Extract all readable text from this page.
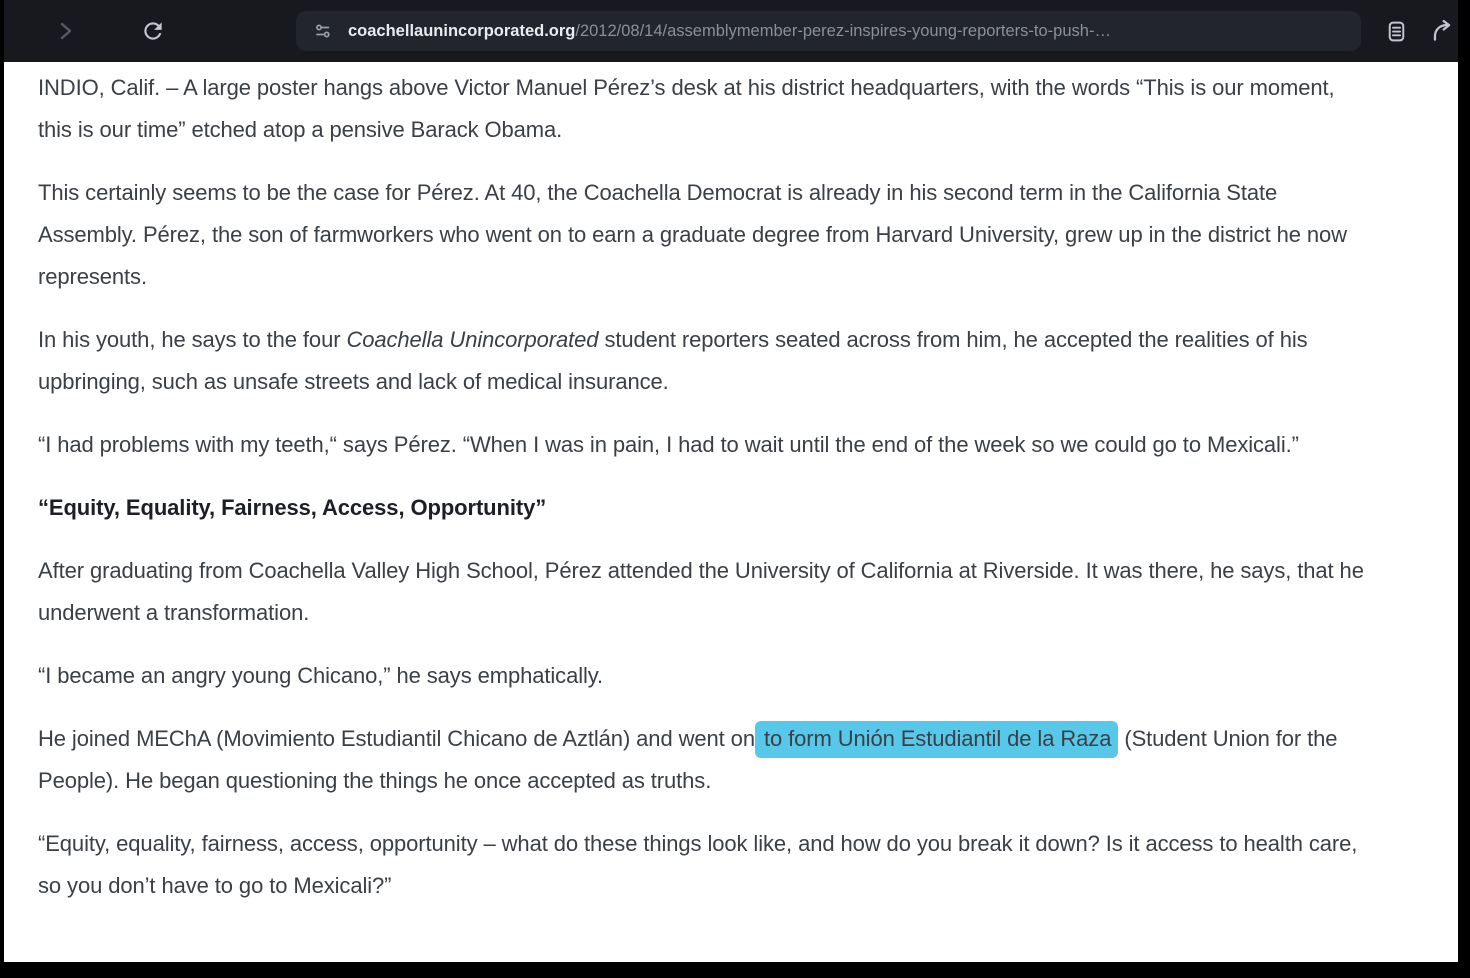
coachellaunincorporated.org /2012/08/14/assemblymember-perez-inspires-young-reporters-to-push-…

INDIO, Calif. – A large poster hangs above Victor Manuel Pérez’s desk at his district headquarters, with the words “This is our moment, this is our time” etched atop a pensive Barack Obama.

This certainly seems to be the case for Pérez. At 40, the Coachella Democrat is already in his second term in the California State Assembly. Pérez, the son of farmworkers who went on to earn a graduate degree from Harvard University, grew up in the district he now represents.

In his youth, he says to the four Coachella Unincorporated student reporters seated across from him, he accepted the realities of his upbringing, such as unsafe streets and lack of medical insurance.

“I had problems with my teeth,“ says Pérez. “When I was in pain, I had to wait until the end of the week so we could go to Mexicali.”

“Equity, Equality, Fairness, Access, Opportunity”

After graduating from Coachella Valley High School, Pérez attended the University of California at Riverside. It was there, he says, that he underwent a transformation.

“I became an angry young Chicano,” he says emphatically.

He joined MEChA (Movimiento Estudiantil Chicano de Aztlán) and went on to form Unión Estudiantil de la Raza (Student Union for the People). He began questioning the things he once accepted as truths.

“Equity, equality, fairness, access, opportunity – what do these things look like, and how do you break it down? Is it access to health care, so you don’t have to go to Mexicali?”
